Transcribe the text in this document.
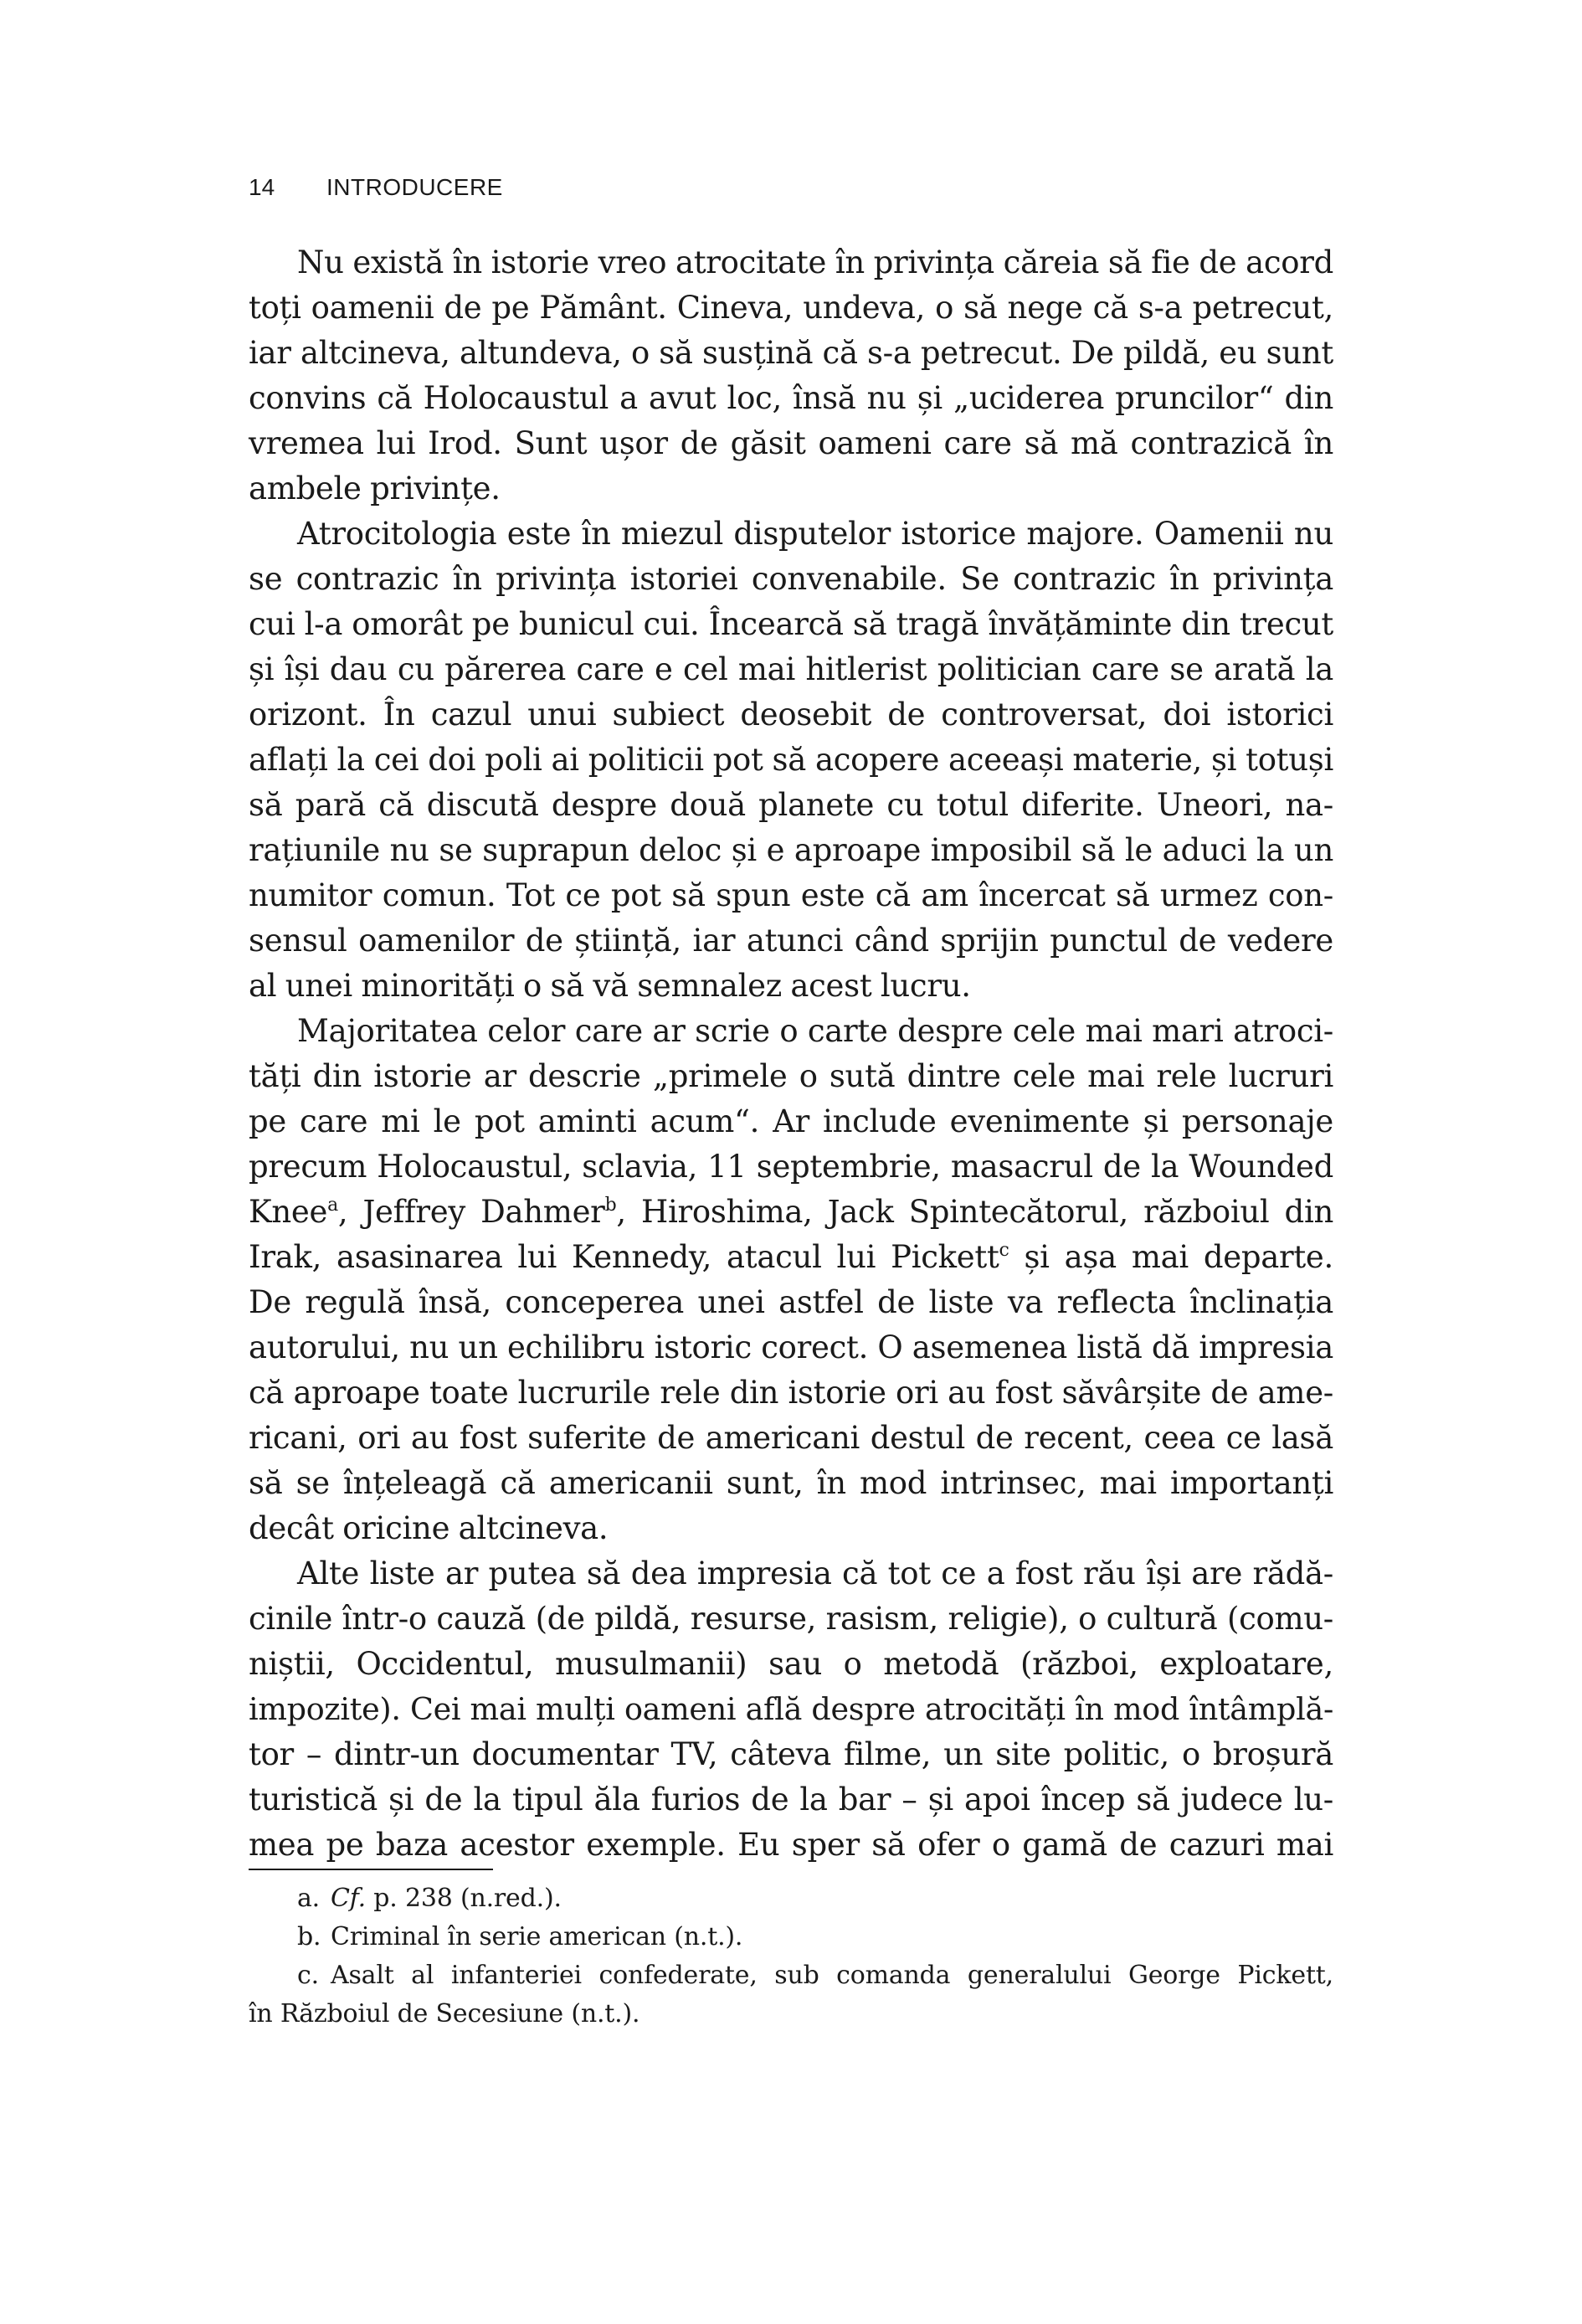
14 INTRODUCERE
Nu există în istorie vreo atrocitate în privința căreia să fie de acord
toți oamenii de pe Pământ. Cineva, undeva, o să nege că s-a petrecut,
iar altcineva, altundeva, o să susțină că s-a petrecut. De pildă, eu sunt
convins că Holocaustul a avut loc, însă nu și „uciderea pruncilor“ din
vremea lui Irod. Sunt ușor de găsit oameni care să mă contrazică în
ambele privințe.
Atrocitologia este în miezul disputelor istorice majore. Oamenii nu
se contrazic în privința istoriei convenabile. Se contrazic în privința
cui l-a omorât pe bunicul cui. Încearcă să tragă învățăminte din trecut
și își dau cu părerea care e cel mai hitlerist politician care se arată la
orizont. În cazul unui subiect deosebit de controversat, doi istorici
aflați la cei doi poli ai politicii pot să acopere aceeași materie, și totuși
să pară că discută despre două planete cu totul diferite. Uneori, na-
rațiunile nu se suprapun deloc și e aproape imposibil să le aduci la un
numitor comun. Tot ce pot să spun este că am încercat să urmez con-
sensul oamenilor de știință, iar atunci când sprijin punctul de vedere
al unei minorități o să vă semnalez acest lucru.
Majoritatea celor care ar scrie o carte despre cele mai mari atroci-
tăți din istorie ar descrie „primele o sută dintre cele mai rele lucruri
pe care mi le pot aminti acum“. Ar include evenimente și personaje
precum Holocaustul, sclavia, 11 septembrie, masacrul de la Wounded
Knee$^a$, Jeffrey Dahmer$^b$, Hiroshima, Jack Spintecătorul, războiul din
Irak, asasinarea lui Kennedy, atacul lui Pickett$^c$ și așa mai departe.
De regulă însă, conceperea unei astfel de liste va reflecta înclinația
autorului, nu un echilibru istoric corect. O asemenea listă dă impresia
că aproape toate lucrurile rele din istorie ori au fost săvârșite de ame-
ricani, ori au fost suferite de americani destul de recent, ceea ce lasă
să se înțeleagă că americanii sunt, în mod intrinsec, mai importanți
decât oricine altcineva.
Alte liste ar putea să dea impresia că tot ce a fost rău își are rădă-
cinile într-o cauză (de pildă, resurse, rasism, religie), o cultură (comu-
niștii, Occidentul, musulmanii) sau o metodă (război, exploatare,
impozite). Cei mai mulți oameni află despre atrocități în mod întâmplă-
tor – dintr-un documentar TV, câteva filme, un site politic, o broșură
turistică și de la tipul ăla furios de la bar – și apoi încep să judece lu-
mea pe baza acestor exemple. Eu sper să ofer o gamă de cazuri mai
a. Cf. p. 238 (n.red.).
b. Criminal în serie american (n.t.).
c. Asalt al infanteriei confederate, sub comanda generalului George Pickett,
în Războiul de Secesiune (n.t.).
